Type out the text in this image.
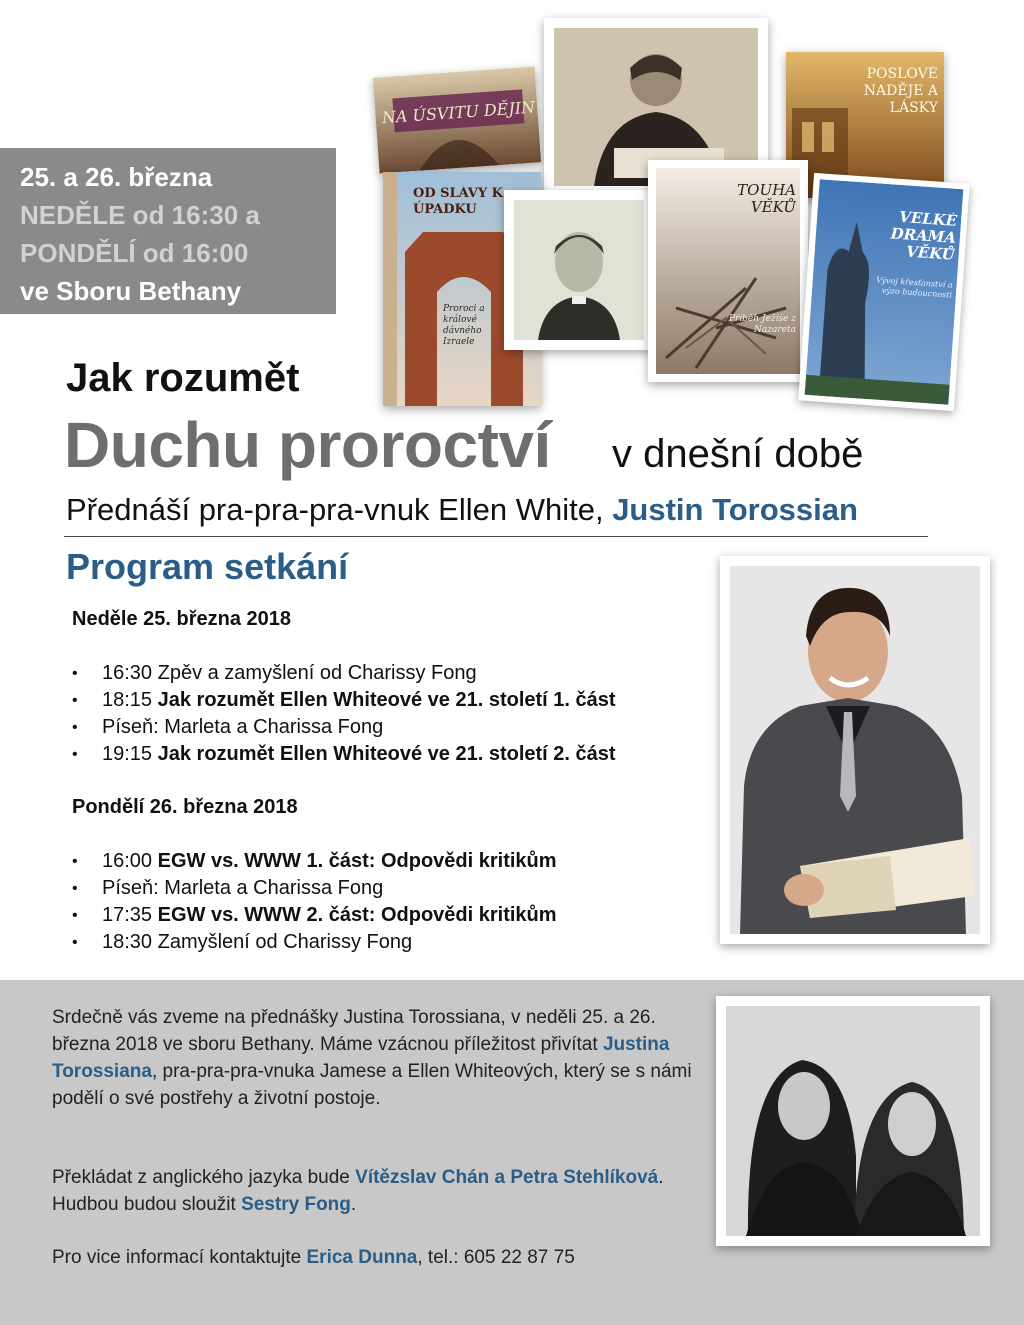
25. a 26. března
NEDĚLE od 16:30 a
PONDĚLÍ od 16:00
ve Sboru Bethany
NA ÚSVITU DĚJIN
POSLOVÉ NADĚJE A LÁSKY
OD SLÁVY K ÚPADKU
Proroci a králové dávného Izraele
TOUHA VĚKŮ
Příběh Ježíše z Nazareta
VELKÉ DRAMA VĚKŮ
Vývoj křesťanství a výzo budoucnosti
Jak rozumět
Duchu proroctví v dnešní době
Přednáší pra-pra-pra-vnuk Ellen White, Justin Torossian
Program setkání
Neděle 25. března 2018
• 16:30 Zpěv a zamyšlení od Charissy Fong
• 18:15 Jak rozumět Ellen Whiteové ve 21. století 1. část
• Píseň: Marleta a Charissa Fong
• 19:15 Jak rozumět Ellen Whiteové ve 21. století 2. část
Pondělí 26. března 2018
• 16:00 EGW vs. WWW 1. část: Odpovědi kritikům
• Píseň: Marleta a Charissa Fong
• 17:35 EGW vs. WWW 2. část: Odpovědi kritikům
• 18:30 Zamyšlení od Charissy Fong
Srdečně vás zveme na přednášky Justina Torossiana, v neděli 25. a 26. března 2018 ve sboru Bethany. Máme vzácnou příležitost přivítat Justina Torossiana, pra-pra-pra-vnuka Jamese a Ellen Whiteových, který se s námi podělí o své postřehy a životní postoje.
Překládat z anglického jazyka bude Vítězslav Chán a Petra Stehlíková. Hudbou budou sloužit Sestry Fong.
Pro vice informací kontaktujte Erica Dunna, tel.: 605 22 87 75
